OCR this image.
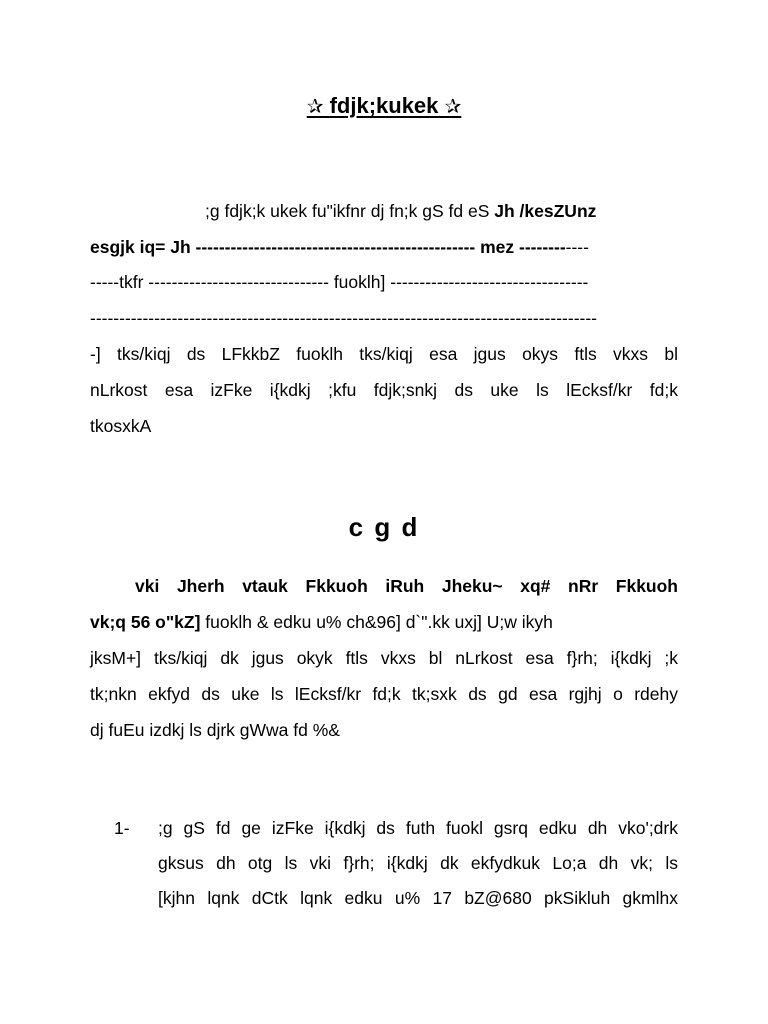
✰ fdjk;kukek ✰
;g fdjk;k ukek fu"ikfnr dj fn;k gS fd eS Jh /kesZUnz
esgjk iq= Jh ------------------------------------------------ mez ------------
-----tkfr ------------------------------- fuoklh] ----------------------------------
---------------------------------------------------------------------------------------
-] tks/kiqj ds LFkkbZ fuoklh tks/kiqj esa jgus okys ftls vkxs bl
nLrkost esa izFke i{kdkj ;kfu fdjk;snkj ds uke ls lEcksf/kr fd;k
tkosxkA
c g d
vki Jherh vtauk Fkkuoh iRuh Jheku~ xq# nRr Fkkuoh
vk;q 56 o"kZ] fuoklh & edku u% ch&96] d`".kk uxj] U;w ikyh
jksM+] tks/kiqj dk jgus okyk ftls vkxs bl nLrkost esa f}rh; i{kdkj ;k
tk;nkn ekfyd ds uke ls lEcksf/kr fd;k tk;sxk ds gd esa rgjhj o rdehy
dj fuEu izdkj ls djrk gWwa fd %&
1- ;g gS fd ge izFke i{kdkj ds futh fuokl gsrq edku dh vko';drk
gksus dh otg ls vki f}rh; i{kdkj dk ekfydkuk Lo;a dh vk; ls
[kjhn lqnk dCtk lqnk edku u% 17 bZ@680 pkSikluh gkmlhx
